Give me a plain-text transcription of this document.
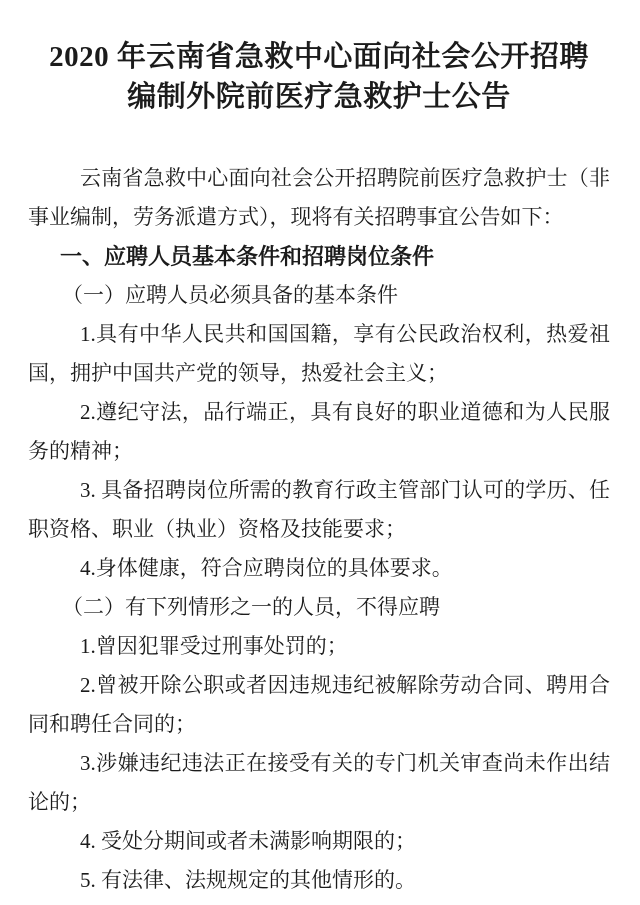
2020 年云南省急救中心面向社会公开招聘
编制外院前医疗急救护士公告

云南省急救中心面向社会公开招聘院前医疗急救护士（非事业编制，劳务派遣方式），现将有关招聘事宜公告如下：

一、应聘人员基本条件和招聘岗位条件

（一）应聘人员必须具备的基本条件

1.具有中华人民共和国国籍，享有公民政治权利，热爱祖国，拥护中国共产党的领导，热爱社会主义；

2.遵纪守法，品行端正，具有良好的职业道德和为人民服务的精神；

3. 具备招聘岗位所需的教育行政主管部门认可的学历、任职资格、职业（执业）资格及技能要求；

4.身体健康，符合应聘岗位的具体要求。

（二）有下列情形之一的人员，不得应聘

1.曾因犯罪受过刑事处罚的；

2.曾被开除公职或者因违规违纪被解除劳动合同、聘用合同和聘任合同的；

3.涉嫌违纪违法正在接受有关的专门机关审查尚未作出结论的；

4. 受处分期间或者未满影响期限的；

5. 有法律、法规规定的其他情形的。
